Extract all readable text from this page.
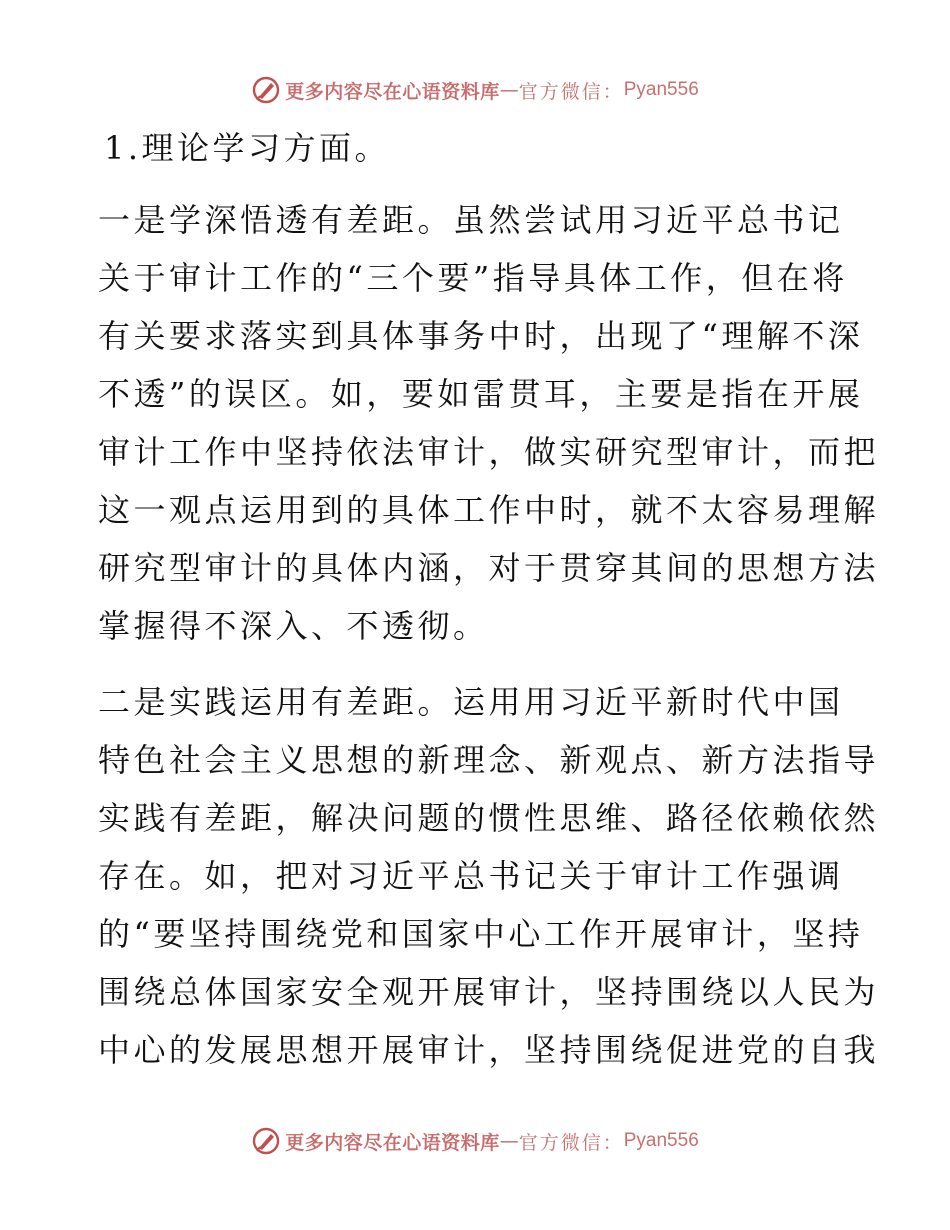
更多内容尽在心语资料库 — 官方微信： Pyan556
1.理论学习方面。
一是学深悟透有差距。虽然尝试用习近平总书记
关于审计工作的“三个要”指导具体工作，但在将
有关要求落实到具体事务中时，出现了“理解不深
不透”的误区。如，要如雷贯耳，主要是指在开展
审计工作中坚持依法审计，做实研究型审计，而把
这一观点运用到的具体工作中时，就不太容易理解
研究型审计的具体内涵，对于贯穿其间的思想方法
掌握得不深入、不透彻。
二是实践运用有差距。运用用习近平新时代中国
特色社会主义思想的新理念、新观点、新方法指导
实践有差距，解决问题的惯性思维、路径依赖依然
存在。如，把对习近平总书记关于审计工作强调
的“要坚持围绕党和国家中心工作开展审计，坚持
围绕总体国家安全观开展审计，坚持围绕以人民为
中心的发展思想开展审计，坚持围绕促进党的自我
更多内容尽在心语资料库 — 官方微信： Pyan556
